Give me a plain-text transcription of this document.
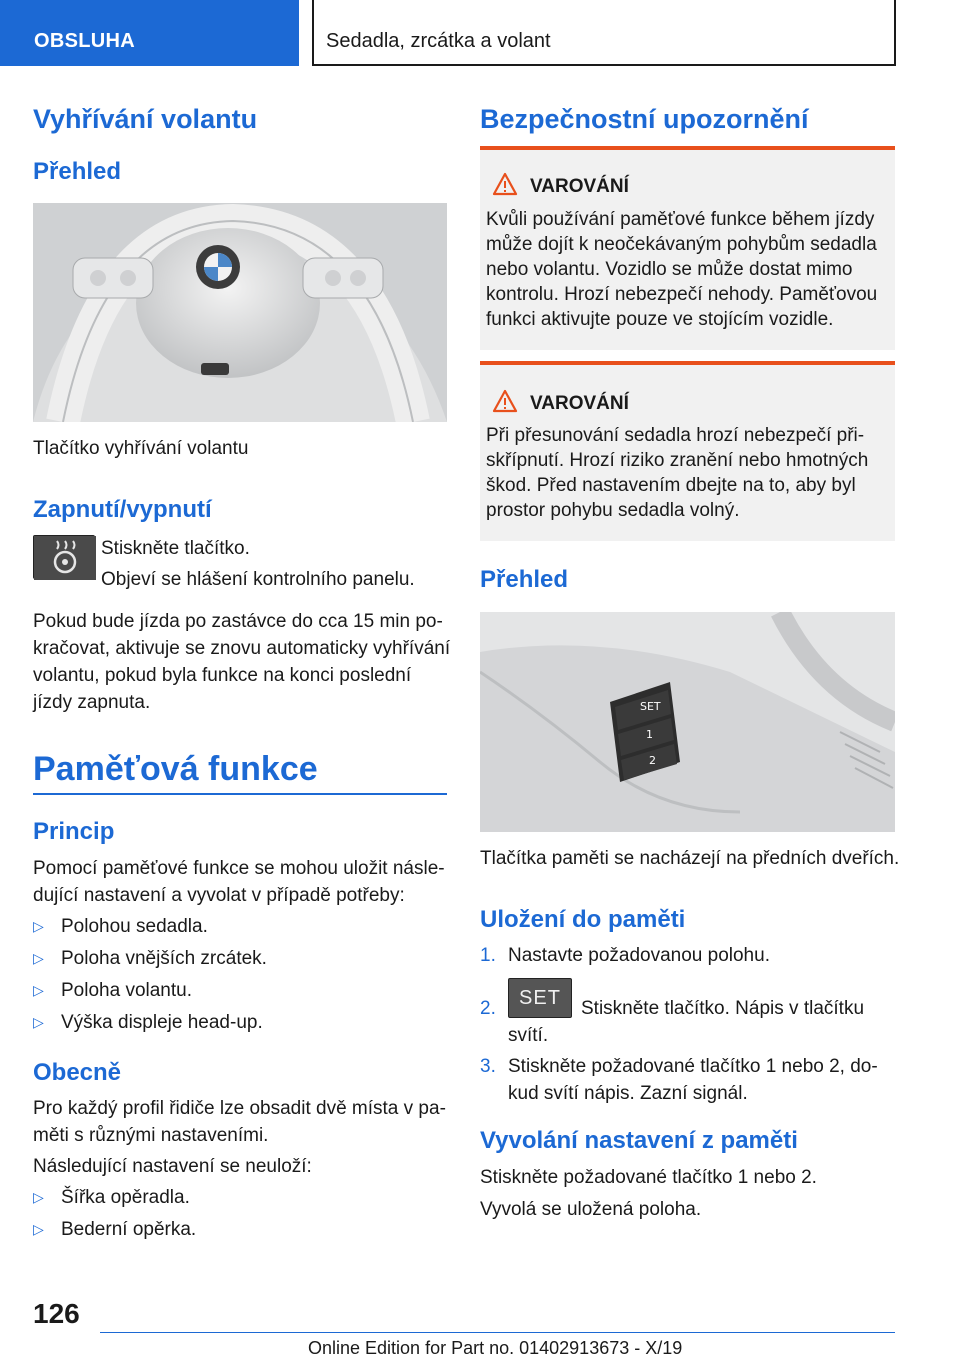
OBSLUHA	Sedadla, zrcátka a volant
Vyhřívání volantu
Přehled
Tlačítko vyhřívání volantu
Zapnutí/vypnutí
Stiskněte tlačítko.
Objeví se hlášení kontrolního panelu.
Pokud bude jízda po zastávce do cca 15 min po-
kračovat, aktivuje se znovu automaticky vyhřívání
volantu, pokud byla funkce na konci poslední
jízdy zapnuta.
Paměťová funkce
Princip
Pomocí paměťové funkce se mohou uložit násle-
dující nastavení a vyvolat v případě potřeby:
▷ Polohou sedadla.
▷ Poloha vnějších zrcátek.
▷ Poloha volantu.
▷ Výška displeje head-up.
Obecně
Pro každý profil řidiče lze obsadit dvě místa v pa-
měti s různými nastaveními.
Následující nastavení se neuloží:
▷ Šířka opěradla.
▷ Bederní opěrka.
Bezpečnostní upozornění
VAROVÁNÍ
Kvůli používání paměťové funkce během jízdy
může dojít k neočekávaným pohybům sedadla
nebo volantu. Vozidlo se může dostat mimo
kontrolu. Hrozí nebezpečí nehody. Paměťovou
funkci aktivujte pouze ve stojícím vozidle.
VAROVÁNÍ
Při přesunování sedadla hrozí nebezpečí při-
skřípnutí. Hrozí riziko zranění nebo hmotných
škod. Před nastavením dbejte na to, aby byl
prostor pohybu sedadla volný.
Přehled
SET
1
2
Tlačítka paměti se nacházejí na předních dveřích.
Uložení do paměti
1. Nastavte požadovanou polohu.
2. SET Stiskněte tlačítko. Nápis v tlačítku
svítí.
3. Stiskněte požadované tlačítko 1 nebo 2, do-
kud svítí nápis. Zazní signál.
Vyvolání nastavení z paměti
Stiskněte požadované tlačítko 1 nebo 2.
Vyvolá se uložená poloha.
126
Online Edition for Part no. 01402913673 - X/19
